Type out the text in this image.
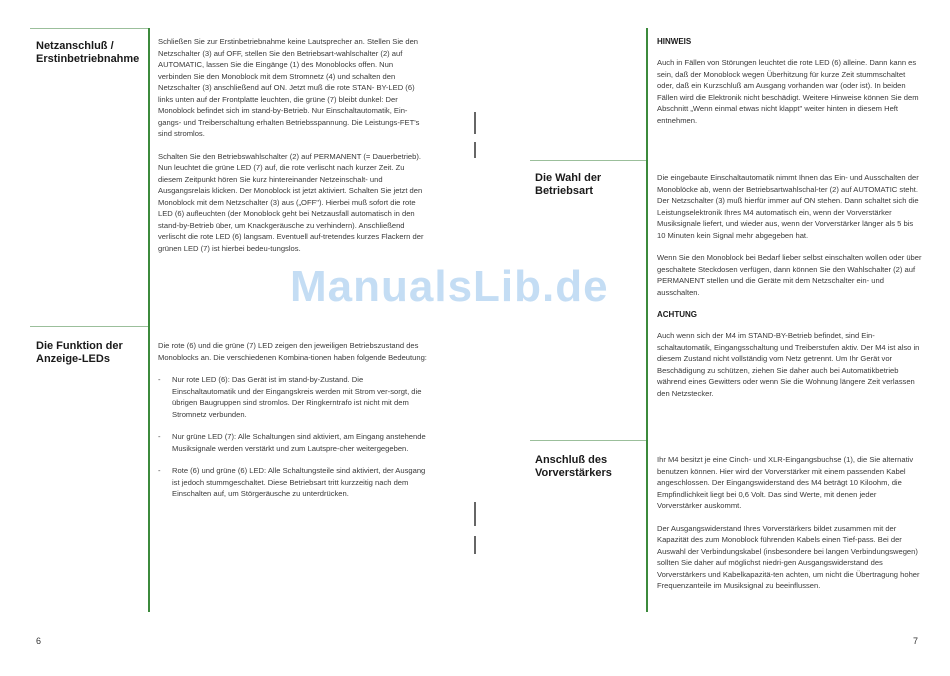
Netzanschluß /
Erstinbetriebnahme

Schließen Sie zur Erstinbetriebnahme keine Lautsprecher an. Stellen Sie den Netzschalter (3) auf OFF, stellen Sie den Betriebsart-wahlschalter (2) auf AUTOMATIC, lassen Sie die Eingänge (1) des Monoblocks offen. Nun verbinden Sie den Monoblock mit dem Stromnetz (4) und schalten den Netzschalter (3) anschließend auf ON. Jetzt muß die rote STAN- BY-LED (6) links unten auf der Frontplatte leuchten, die grüne (7) bleibt dunkel: Der Monoblock befindet sich im stand-by-Betrieb. Nur Einschaltautomatik, Ein-gangs- und Treiberschaltung erhalten Betriebsspannung. Die Leistungs-FET's sind stromlos.

Schalten Sie den Betriebswahlschalter (2) auf PERMANENT (= Dauerbetrieb). Nun leuchtet die grüne LED (7) auf, die rote verlischt nach kurzer Zeit. Zu diesem Zeitpunkt hören Sie kurz hintereinander Netzeinschalt- und Ausgangsrelais klicken. Der Monoblock ist jetzt aktiviert. Schalten Sie jetzt den Monoblock mit dem Netzschalter (3) aus („OFF"). Hierbei muß sofort die rote LED (6) aufleuchten (der Monoblock geht bei Netzausfall automatisch in den stand-by-Betrieb über, um Knackgeräusche zu verhindern). Anschließend verlischt die rote LED (6) langsam. Eventuell auf-tretendes kurzes Flackern der grünen LED (7) ist hierbei bedeu-tungslos.

Die Funktion der
Anzeige-LEDs

Die rote (6) und die grüne (7) LED zeigen den jeweiligen Betriebszustand des Monoblocks an. Die verschiedenen Kombina-tionen haben folgende Bedeutung:

- Nur rote LED (6): Das Gerät ist im stand-by-Zustand. Die Einschaltautomatik und der Eingangskreis werden mit Strom ver-sorgt, die übrigen Baugruppen sind stromlos. Der Ringkerntrafo ist nicht mit dem Stromnetz verbunden.
- Nur grüne LED (7): Alle Schaltungen sind aktiviert, am Eingang anstehende Musiksignale werden verstärkt und zum Lautspre-cher weitergegeben.
- Rote (6) und grüne (6) LED: Alle Schaltungsteile sind aktiviert, der Ausgang ist jedoch stummgeschaltet. Diese Betriebsart tritt kurzzeitig nach dem Einschalten auf, um Störgeräusche zu unterdrücken.
6
HINWEIS

Auch in Fällen von Störungen leuchtet die rote LED (6) alleine. Dann kann es sein, daß der Monoblock wegen Überhitzung für kurze Zeit stummschaltet oder, daß ein Kurzschluß am Ausgang vorhanden war (oder ist). In beiden Fällen wird die Elektronik nicht beschädigt. Weitere Hinweise können Sie dem Abschnitt „Wenn einmal etwas nicht klappt" weiter hinten in diesem Heft entnehmen.

Die Wahl der
Betriebsart

Die eingebaute Einschaltautomatik nimmt Ihnen das Ein- und Ausschalten der Monoblöcke ab, wenn der Betriebsartwahlschal-ter (2) auf AUTOMATIC steht. Der Netzschalter (3) muß hierfür immer auf ON stehen. Dann schaltet sich die Leistungselektronik Ihres M4 automatisch ein, wenn der Vorverstärker Musiksignale liefert, und wieder aus, wenn der Vorverstärker länger als 5 bis 10 Minuten kein Signal mehr abgegeben hat.

Wenn Sie den Monoblock bei Bedarf lieber selbst einschalten wollen oder über geschaltete Steckdosen verfügen, dann können Sie den Wahlschalter (2) auf PERMANENT stellen und die Geräte mit dem Netzschalter ein- und ausschalten.

ACHTUNG

Auch wenn sich der M4 im STAND-BY-Betrieb befindet, sind Ein-schaltautomatik, Eingangsschaltung und Treiberstufen aktiv. Der M4 ist also in diesem Zustand nicht vollständig vom Netz getrennt. Um Ihr Gerät vor Beschädigung zu schützen, ziehen Sie daher auch bei Automatikbetrieb während eines Gewitters oder wenn Sie die Wohnung längere Zeit verlassen den Netzstecker.

Anschluß des
Vorverstärkers

Ihr M4 besitzt je eine Cinch- und XLR-Eingangsbuchse (1), die Sie alternativ benutzen können. Hier wird der Vorverstärker mit einem passenden Kabel angeschlossen. Der Eingangswiderstand des M4 beträgt 10 Kiloohm, die Empfindlichkeit liegt bei 0,6 Volt. Das sind Werte, mit denen jeder Vorverstärker auskommt.

Der Ausgangswiderstand Ihres Vorverstärkers bildet zusammen mit der Kapazität des zum Monoblock führenden Kabels einen Tief-pass. Bei der Auswahl der Verbindungskabel (insbesondere bei langen Verbindungswegen) sollten Sie daher auf möglichst niedri-gen Ausgangswiderstand des Vorverstärkers und Kabelkapazitä-ten achten, um nicht die Übertragung hoher Frequenzanteile im Musiksignal zu beeinflussen.

7
ManualsLib.de
